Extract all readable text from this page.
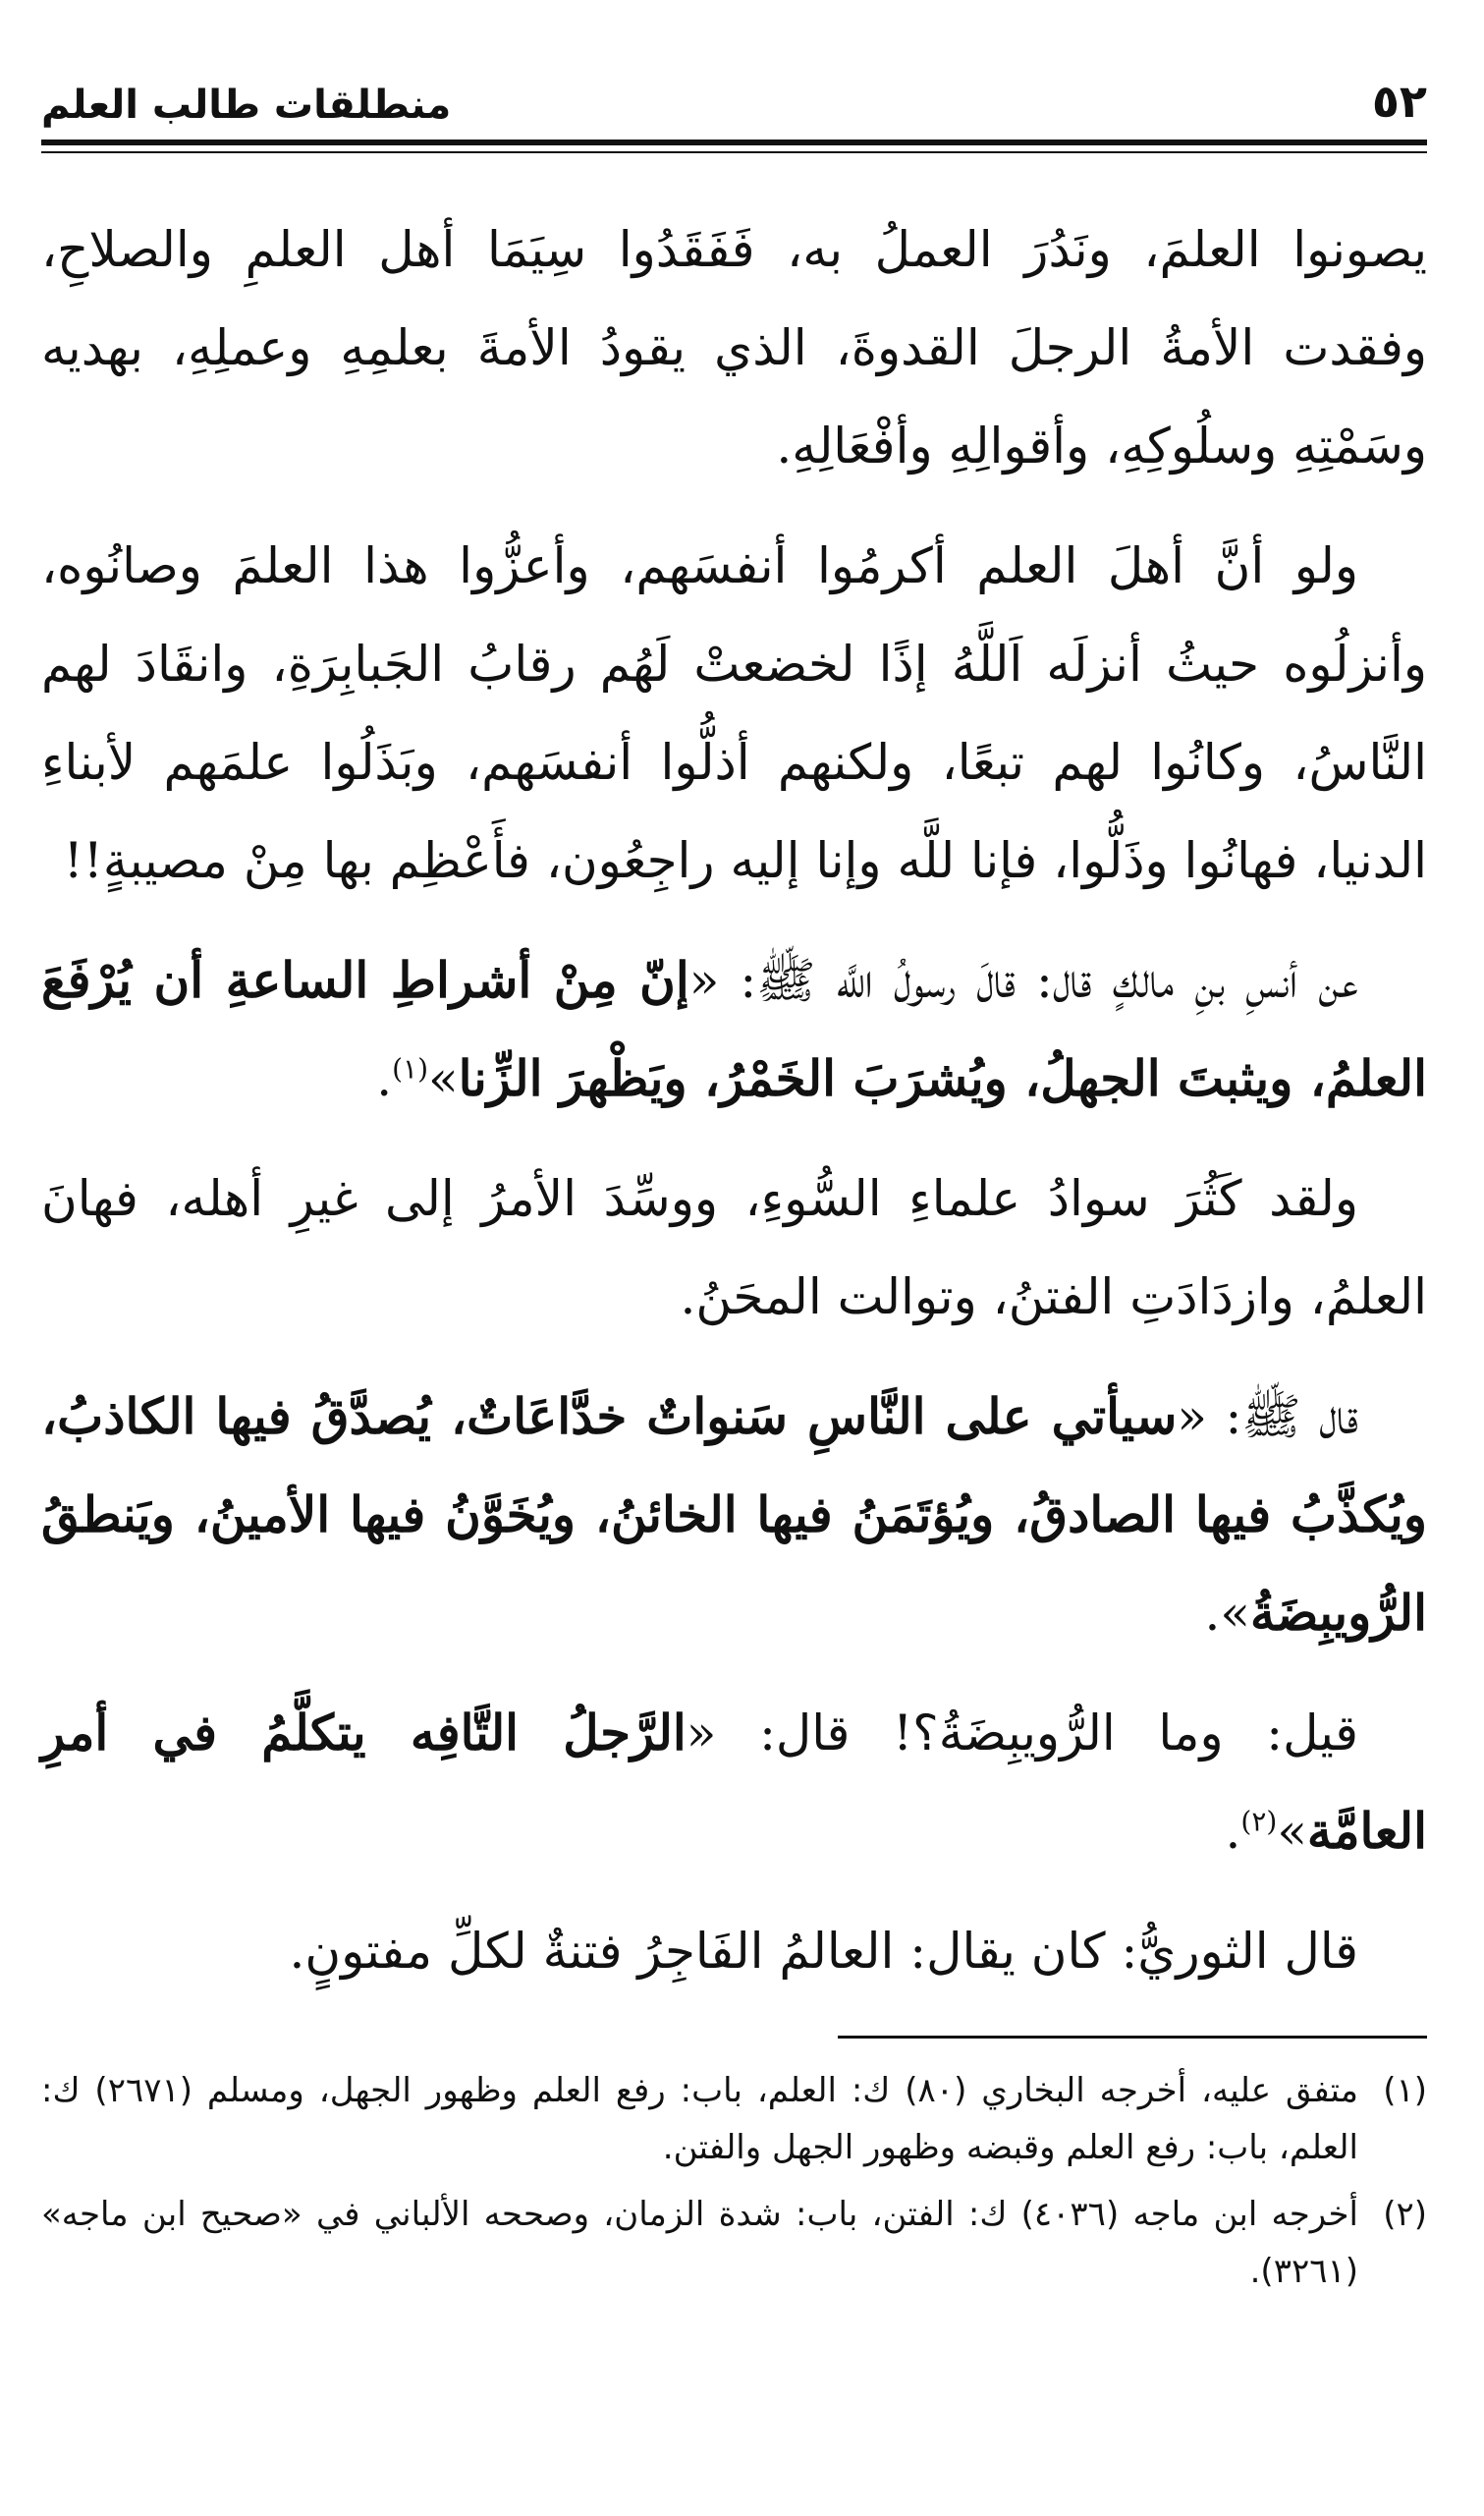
٥٢
منطلقات طالب العلم

يصونوا العلمَ، ونَدُرَ العملُ به، فَفَقَدُوا سِيَمَا أهل العلمِ والصلاحِ، وفقدت الأمةُ الرجلَ القدوةَ، الذي يقودُ الأمةَ بعلمِهِ وعملِهِ، بهديه وسَمْتِهِ وسلُوكِهِ، وأقوالِهِ وأفْعَالِهِ.

ولو أنَّ أهلَ العلم أكرمُوا أنفسَهم، وأعزُّوا هذا العلمَ وصانُوه، وأنزلُوه حيثُ أنزلَه اَللَّهُ إذًا لخضعتْ لَهُم رقابُ الجَبابِرَةِ، وانقَادَ لهم النَّاسُ، وكانُوا لهم تبعًا، ولكنهم أذلُّوا أنفسَهم، وبَذَلُوا علمَهم لأبناءِ الدنيا، فهانُوا وذَلُّوا، فإنا للَّه وإنا إليه راجِعُون، فأَعْظِم بها مِنْ مصيبةٍ!!

عن أنسِ بنِ مالكٍ قال: قالَ رسولُ اللَّه ﷺ: «إنّ مِنْ أشراطِ الساعةِ أن يُرْفَعَ العلمُ، ويثبتَ الجهلُ، ويُشرَبَ الخَمْرُ، ويَظْهرَ الزِّنا»$^{(١)}$.

ولقد كَثُرَ سوادُ علماءِ السُّوءِ، ووسِّدَ الأمرُ إلى غيرِ أهله، فهانَ العلمُ، وازدَادَتِ الفتنُ، وتوالت المحَنُ.

قال ﷺ: «سيأتي على النَّاسِ سَنواتٌ خدَّاعَاتٌ، يُصدَّقُ فيها الكاذبُ، ويُكذَّبُ فيها الصادقُ، ويُؤتَمَنُ فيها الخائنُ، ويُخَوَّنُ فيها الأمينُ، ويَنطقُ الرُّويبِضَةُ».

قيل: وما الرُّويبِضَةُ؟! قال: «الرَّجلُ التَّافِه يتكلَّمُ في أمرِ العامَّة»$^{(٢)}$.

قال الثوريُّ: كان يقال: العالمُ الفَاجِرُ فتنةٌ لكلِّ مفتونٍ.

(١)
متفق عليه، أخرجه البخاري (٨٠) ك: العلم، باب: رفع العلم وظهور الجهل، ومسلم (٢٦٧١) ك: العلم، باب: رفع العلم وقبضه وظهور الجهل والفتن.
(٢)
أخرجه ابن ماجه (٤٠٣٦) ك: الفتن، باب: شدة الزمان، وصححه الألباني في «صحيح ابن ماجه» (٣٢٦١).
